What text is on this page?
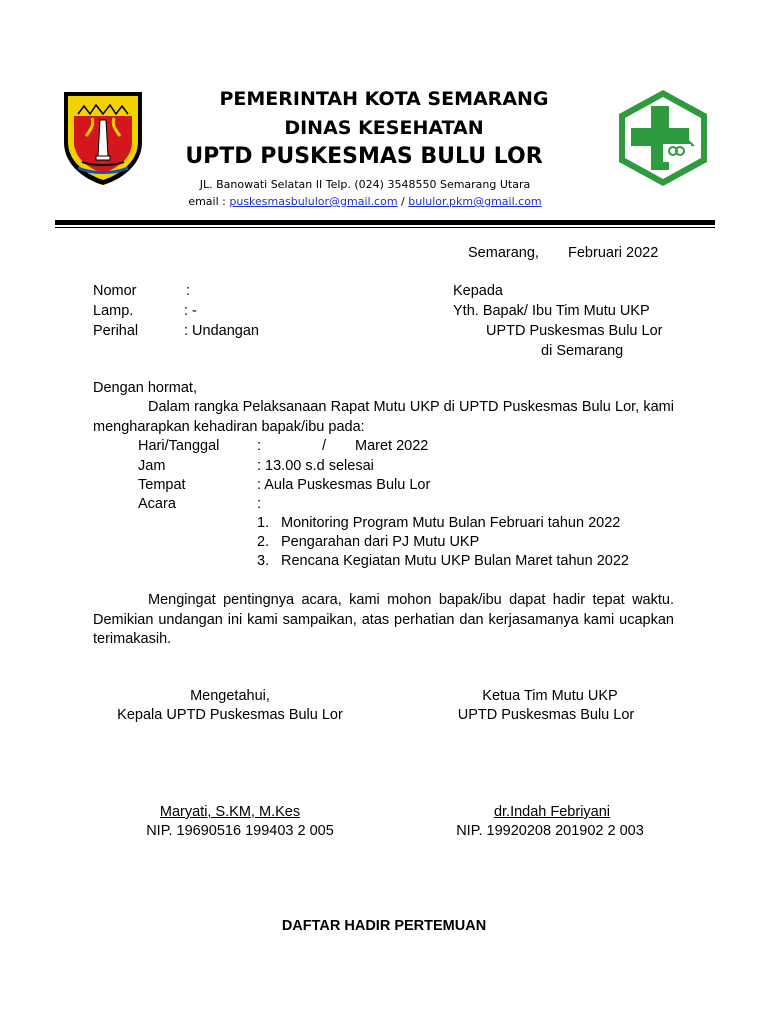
PEMERINTAH KOTA SEMARANG
DINAS KESEHATAN
UPTD PUSKESMAS BULU LOR
JL. Banowati Selatan II Telp. (024) 3548550 Semarang Utara
email : puskesmasbululor@gmail.com / bululor.pkm@gmail.com
Semarang, Februari 2022
Nomor	:
Lamp.	: -
Perihal	: Undangan
Kepada
Yth. Bapak/ Ibu Tim Mutu UKP
UPTD Puskesmas Bulu Lor
di Semarang
Dengan hormat,
Dalam rangka Pelaksanaan Rapat Mutu UKP di UPTD Puskesmas Bulu Lor, kami mengharapkan kehadiran bapak/ibu pada:
Hari/Tanggal	:	/ Maret 2022
Jam	: 13.00 s.d selesai
Tempat	: Aula Puskesmas Bulu Lor
Acara	:
1. Monitoring Program Mutu Bulan Februari tahun 2022
2. Pengarahan dari PJ Mutu UKP
3. Rencana Kegiatan Mutu UKP Bulan Maret tahun 2022
Mengingat pentingnya acara, kami mohon bapak/ibu dapat hadir tepat waktu. Demikian undangan ini kami sampaikan, atas perhatian dan kerjasamanya kami ucapkan terimakasih.
Mengetahui,
Kepala UPTD Puskesmas Bulu Lor
Maryati, S.KM, M.Kes
NIP. 19690516 199403 2 005
Ketua Tim Mutu UKP
UPTD Puskesmas Bulu Lor
dr.Indah Febriyani
NIP. 19920208 201902 2 003
DAFTAR HADIR PERTEMUAN
